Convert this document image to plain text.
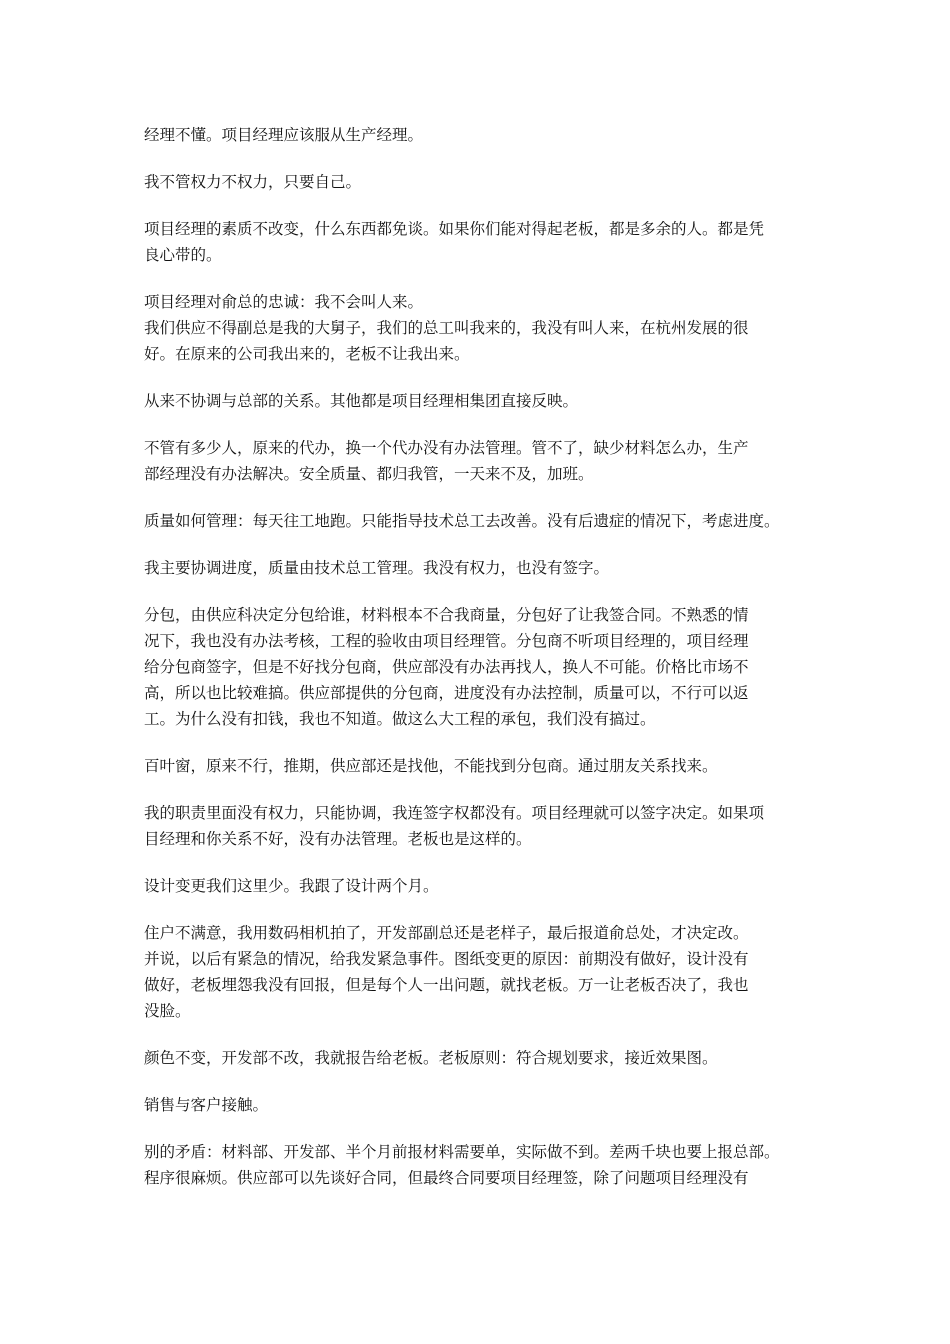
经理不懂。项目经理应该服从生产经理。

我不管权力不权力，只要自己。

项目经理的素质不改变，什么东西都免谈。如果你们能对得起老板，都是多余的人。都是凭
良心带的。

项目经理对俞总的忠诚：我不会叫人来。
我们供应不得副总是我的大舅子，我们的总工叫我来的，我没有叫人来，在杭州发展的很
好。在原来的公司我出来的，老板不让我出来。

从来不协调与总部的关系。其他都是项目经理相集团直接反映。

不管有多少人，原来的代办，换一个代办没有办法管理。管不了，缺少材料怎么办，生产
部经理没有办法解决。安全质量、都归我管，一天来不及，加班。

质量如何管理：每天往工地跑。只能指导技术总工去改善。没有后遗症的情况下，考虑进度。

我主要协调进度，质量由技术总工管理。我没有权力，也没有签字。

分包，由供应科决定分包给谁，材料根本不合我商量，分包好了让我签合同。不熟悉的情
况下，我也没有办法考核，工程的验收由项目经理管。分包商不听项目经理的，项目经理
给分包商签字，但是不好找分包商，供应部没有办法再找人，换人不可能。价格比市场不
高，所以也比较难搞。供应部提供的分包商，进度没有办法控制，质量可以，不行可以返
工。为什么没有扣钱，我也不知道。做这么大工程的承包，我们没有搞过。

百叶窗，原来不行，推期，供应部还是找他，不能找到分包商。通过朋友关系找来。

我的职责里面没有权力，只能协调，我连签字权都没有。项目经理就可以签字决定。如果项
目经理和你关系不好，没有办法管理。老板也是这样的。

设计变更我们这里少。我跟了设计两个月。

住户不满意，我用数码相机拍了，开发部副总还是老样子，最后报道俞总处，才决定改。
并说，以后有紧急的情况，给我发紧急事件。图纸变更的原因：前期没有做好，设计没有
做好，老板埋怨我没有回报，但是每个人一出问题，就找老板。万一让老板否决了，我也
没脸。

颜色不变，开发部不改，我就报告给老板。老板原则：符合规划要求，接近效果图。

销售与客户接触。

别的矛盾：材料部、开发部、半个月前报材料需要单，实际做不到。差两千块也要上报总部。
程序很麻烦。供应部可以先谈好合同，但最终合同要项目经理签，除了问题项目经理没有
